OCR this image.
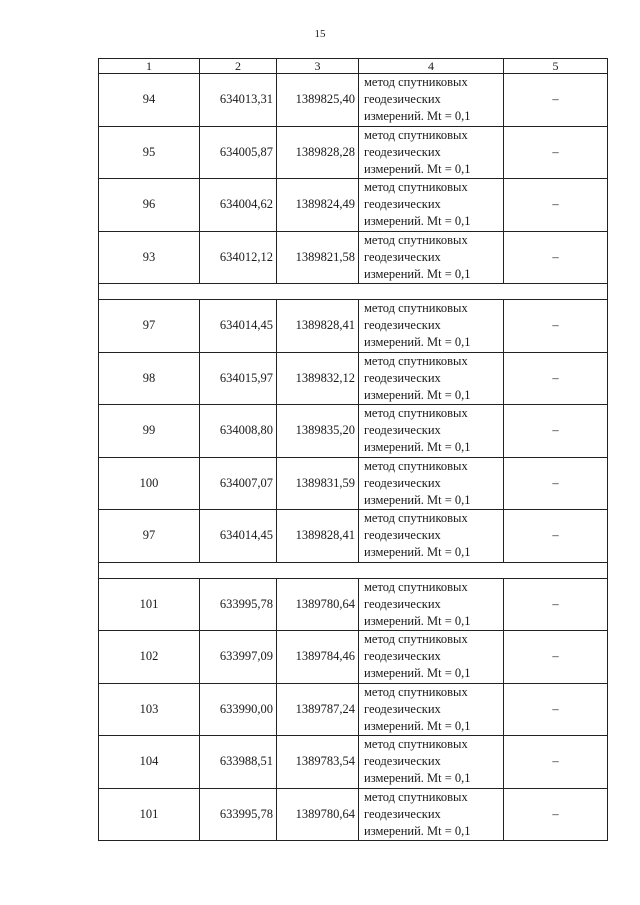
15
1	2	3	4	5
94	634013,31	1389825,40	метод спутниковых
геодезических
измерений. Mt = 0,1	–
95	634005,87	1389828,28	метод спутниковых
геодезических
измерений. Mt = 0,1	–
96	634004,62	1389824,49	метод спутниковых
геодезических
измерений. Mt = 0,1	–
93	634012,12	1389821,58	метод спутниковых
геодезических
измерений. Mt = 0,1	–

97	634014,45	1389828,41	метод спутниковых
геодезических
измерений. Mt = 0,1	–
98	634015,97	1389832,12	метод спутниковых
геодезических
измерений. Mt = 0,1	–
99	634008,80	1389835,20	метод спутниковых
геодезических
измерений. Mt = 0,1	–
100	634007,07	1389831,59	метод спутниковых
геодезических
измерений. Mt = 0,1	–
97	634014,45	1389828,41	метод спутниковых
геодезических
измерений. Mt = 0,1	–

101	633995,78	1389780,64	метод спутниковых
геодезических
измерений. Mt = 0,1	–
102	633997,09	1389784,46	метод спутниковых
геодезических
измерений. Mt = 0,1	–
103	633990,00	1389787,24	метод спутниковых
геодезических
измерений. Mt = 0,1	–
104	633988,51	1389783,54	метод спутниковых
геодезических
измерений. Mt = 0,1	–
101	633995,78	1389780,64	метод спутниковых
геодезических
измерений. Mt = 0,1	–
